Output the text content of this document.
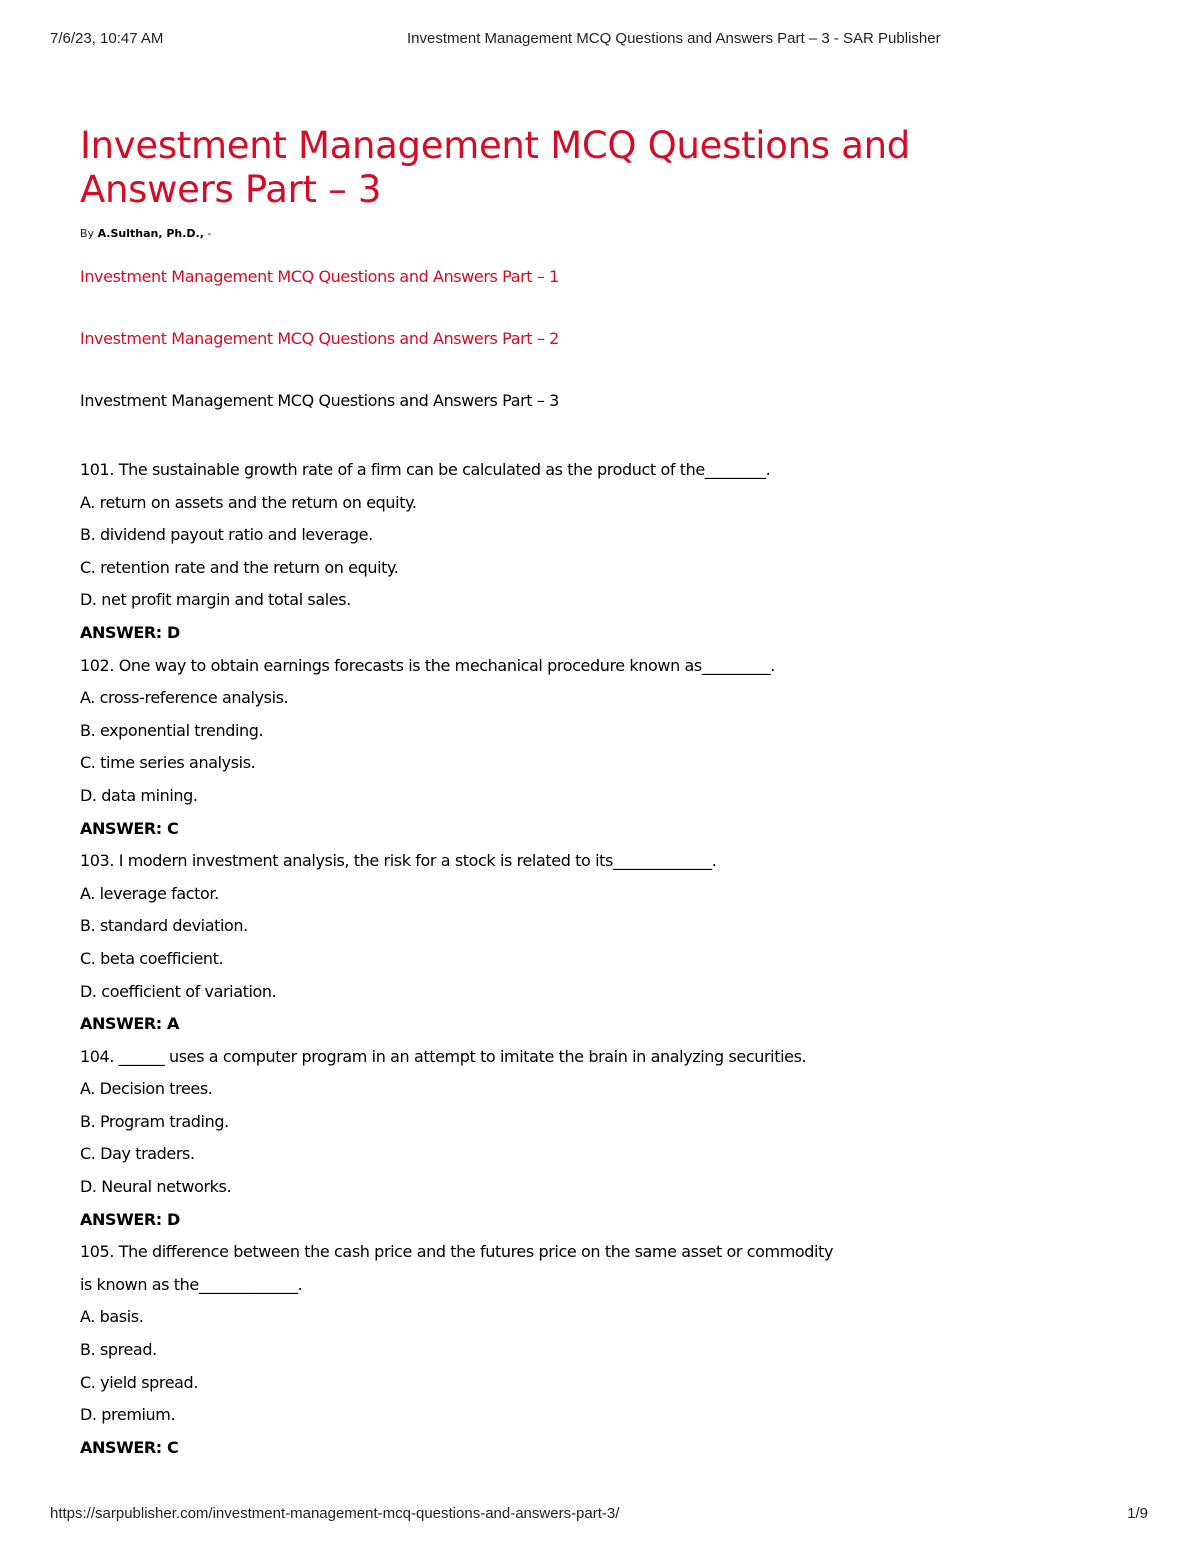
7/6/23, 10:47 AM	Investment Management MCQ Questions and Answers Part – 3 - SAR Publisher
Investment Management MCQ Questions and Answers Part – 3
By A.Sulthan, Ph.D., -
Investment Management MCQ Questions and Answers Part – 1
Investment Management MCQ Questions and Answers Part – 2
Investment Management MCQ Questions and Answers Part – 3
101. The sustainable growth rate of a firm can be calculated as the product of the________.
A. return on assets and the return on equity.
B. dividend payout ratio and leverage.
C. retention rate and the return on equity.
D. net profit margin and total sales.
ANSWER: D
102. One way to obtain earnings forecasts is the mechanical procedure known as_________.
A. cross-reference analysis.
B. exponential trending.
C. time series analysis.
D. data mining.
ANSWER: C
103. I modern investment analysis, the risk for a stock is related to its_____________.
A. leverage factor.
B. standard deviation.
C. beta coefficient.
D. coefficient of variation.
ANSWER: A
104. ______ uses a computer program in an attempt to imitate the brain in analyzing securities.
A. Decision trees.
B. Program trading.
C. Day traders.
D. Neural networks.
ANSWER: D
105. The difference between the cash price and the futures price on the same asset or commodity is known as the_____________.
A. basis.
B. spread.
C. yield spread.
D. premium.
ANSWER: C
https://sarpublisher.com/investment-management-mcq-questions-and-answers-part-3/	1/9
